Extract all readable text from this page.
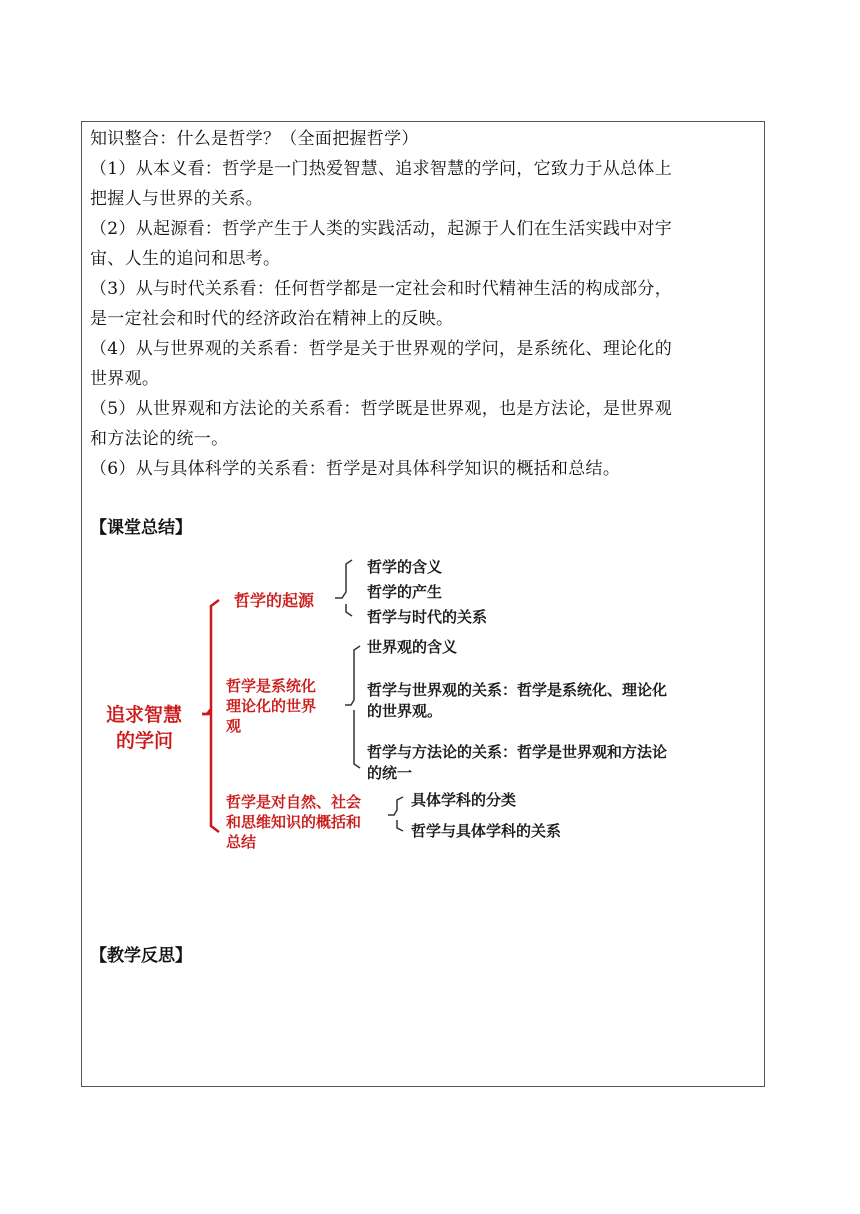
知识整合：什么是哲学？（全面把握哲学）
（1）从本义看：哲学是一门热爱智慧、追求智慧的学问，它致力于从总体上
把握人与世界的关系。
（2）从起源看：哲学产生于人类的实践活动，起源于人们在生活实践中对宇
宙、人生的追问和思考。
（3）从与时代关系看：任何哲学都是一定社会和时代精神生活的构成部分，
是一定社会和时代的经济政治在精神上的反映。
（4）从与世界观的关系看：哲学是关于世界观的学问，是系统化、理论化的
世界观。
（5）从世界观和方法论的关系看：哲学既是世界观，也是方法论，是世界观
和方法论的统一。
（6）从与具体科学的关系看：哲学是对具体科学知识的概括和总结。
【课堂总结】
追求智慧
的学问
哲学的起源
哲学的含义
哲学的产生
哲学与时代的关系
哲学是系统化
理论化的世界
观
世界观的含义
哲学与世界观的关系：哲学是系统化、理论化
的世界观。
哲学与方法论的关系：哲学是世界观和方法论
的统一
哲学是对自然、社会
和思维知识的概括和
总结
具体学科的分类
哲学与具体学科的关系
【教学反思】
